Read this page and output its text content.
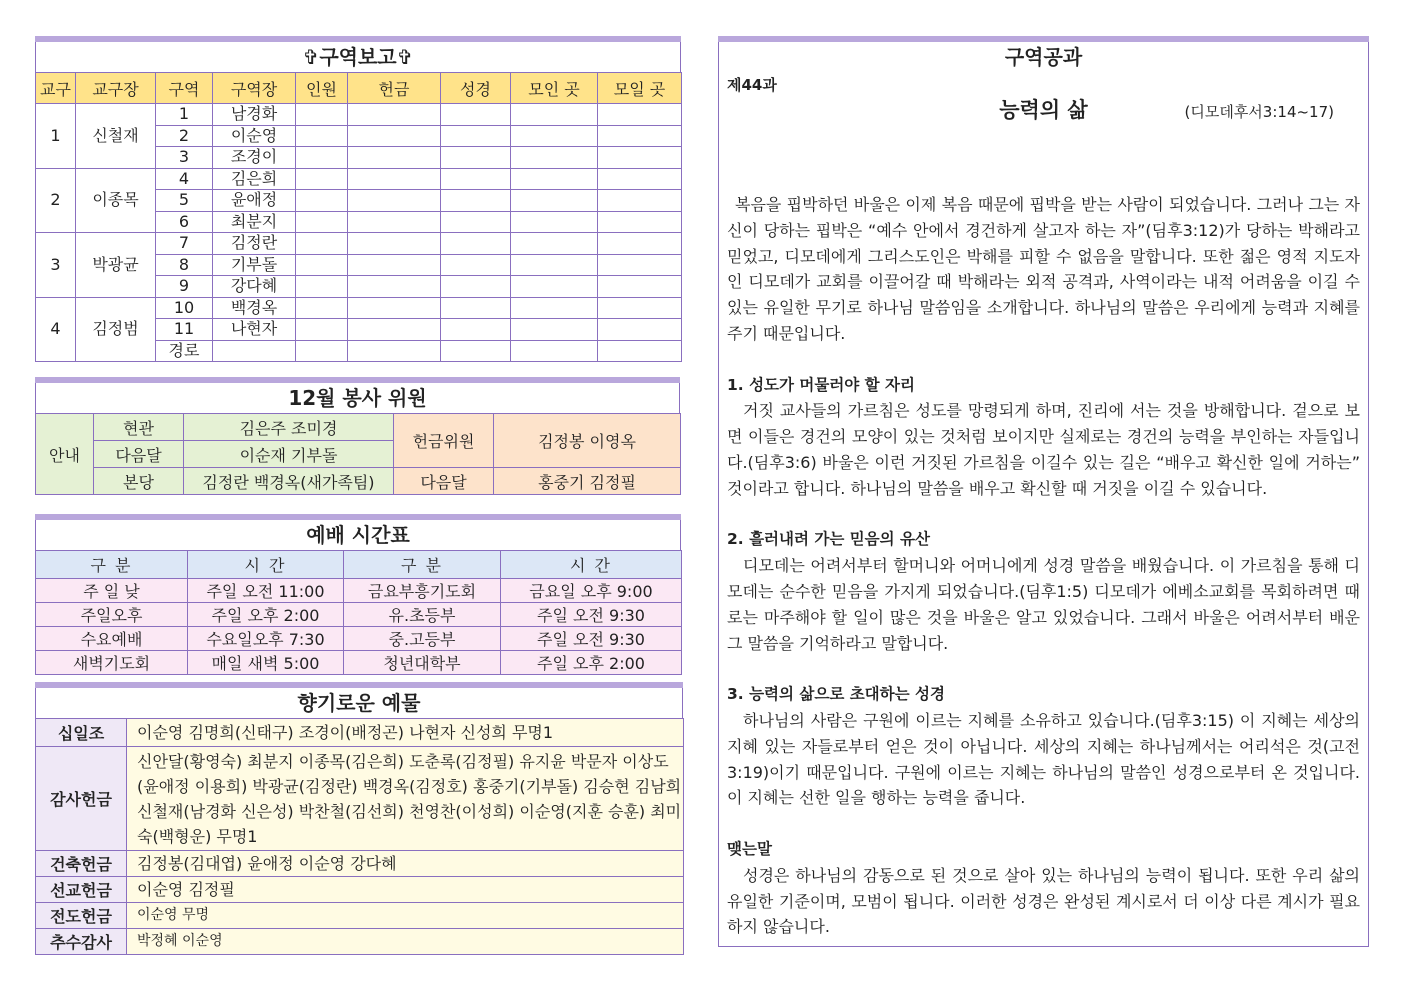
✞구역보고✞
교구	교구장	구역	구역장	인원	헌금	성경	모인 곳	모일 곳
1	신철재	1	남경화					
		2	이순영					
		3	조경이					
2	이종목	4	김은희					
		5	윤애정					
		6	최분지					
3	박광균	7	김정란					
		8	기부돌					
		9	강다혜					
4	김정범	10	백경옥					
		11	나현자					
		경로						
12월 봉사 위원
안내	현관	김은주 조미경	헌금위원	김정봉 이영옥
	다음달	이순재 기부돌		
	본당	김정란 백경옥(새가족팀)	다음달	홍중기 김정필
예배 시간표
구 분	시 간	구 분	시 간
주 일 낮	주일 오전 11:00	금요부흥기도회	금요일 오후 9:00
주일오후	주일 오후 2:00	유.초등부	주일 오전 9:30
수요예배	수요일오후 7:30	중.고등부	주일 오전 9:30
새벽기도회	매일 새벽 5:00	청년대학부	주일 오후 2:00
향기로운 예물
십일조	이순영 김명희(신태구) 조경이(배정곤) 나현자 신성희 무명1
감사헌금	신안달(황영숙) 최분지 이종목(김은희) 도춘록(김정필) 유지윤 박문자 이상도(윤애정 이용희) 박광균(김정란) 백경옥(김정호) 홍중기(기부돌) 김승현 김남희 신철재(남경화 신은성) 박찬철(김선희) 천영찬(이성희) 이순영(지훈 승훈) 최미숙(백형운) 무명1
건축헌금	김정봉(김대엽) 윤애정 이순영 강다혜
선교헌금	이순영 김정필
전도헌금	이순영 무명
추수감사	박정혜 이순영
구역공과
제44과
능력의 삶	(디모데후서3:14~17)

복음을 핍박하던 바울은 이제 복음 때문에 핍박을 받는 사람이 되었습니다. 그러나 그는 자신이 당하는 핍박은 “예수 안에서 경건하게 살고자 하는 자”(딤후3:12)가 당하는 박해라고 믿었고, 디모데에게 그리스도인은 박해를 피할 수 없음을 말합니다. 또한 젊은 영적 지도자인 디모데가 교회를 이끌어갈 때 박해라는 외적 공격과, 사역이라는 내적 어려움을 이길 수 있는 유일한 무기로 하나님 말씀임을 소개합니다. 하나님의 말씀은 우리에게 능력과 지혜를 주기 때문입니다.

1. 성도가 머물러야 할 자리

거짓 교사들의 가르침은 성도를 망령되게 하며, 진리에 서는 것을 방해합니다. 겉으로 보면 이들은 경건의 모양이 있는 것처럼 보이지만 실제로는 경건의 능력을 부인하는 자들입니다.(딤후3:6) 바울은 이런 거짓된 가르침을 이길수 있는 길은 “배우고 확신한 일에 거하는” 것이라고 합니다. 하나님의 말씀을 배우고 확신할 때 거짓을 이길 수 있습니다.

2. 흘러내려 가는 믿음의 유산

디모데는 어려서부터 할머니와 어머니에게 성경 말씀을 배웠습니다. 이 가르침을 통해 디모데는 순수한 믿음을 가지게 되었습니다.(딤후1:5) 디모데가 에베소교회를 목회하려면 때로는 마주해야 할 일이 많은 것을 바울은 알고 있었습니다. 그래서 바울은 어려서부터 배운 그 말씀을 기억하라고 말합니다.

3. 능력의 삶으로 초대하는 성경

하나님의 사람은 구원에 이르는 지혜를 소유하고 있습니다.(딤후3:15) 이 지혜는 세상의 지혜 있는 자들로부터 얻은 것이 아닙니다. 세상의 지혜는 하나님께서는 어리석은 것(고전3:19)이기 때문입니다. 구원에 이르는 지혜는 하나님의 말씀인 성경으로부터 온 것입니다. 이 지혜는 선한 일을 행하는 능력을 줍니다.

맺는말

성경은 하나님의 감동으로 된 것으로 살아 있는 하나님의 능력이 됩니다. 또한 우리 삶의 유일한 기준이며, 모범이 됩니다. 이러한 성경은 완성된 계시로서 더 이상 다른 계시가 필요하지 않습니다.
